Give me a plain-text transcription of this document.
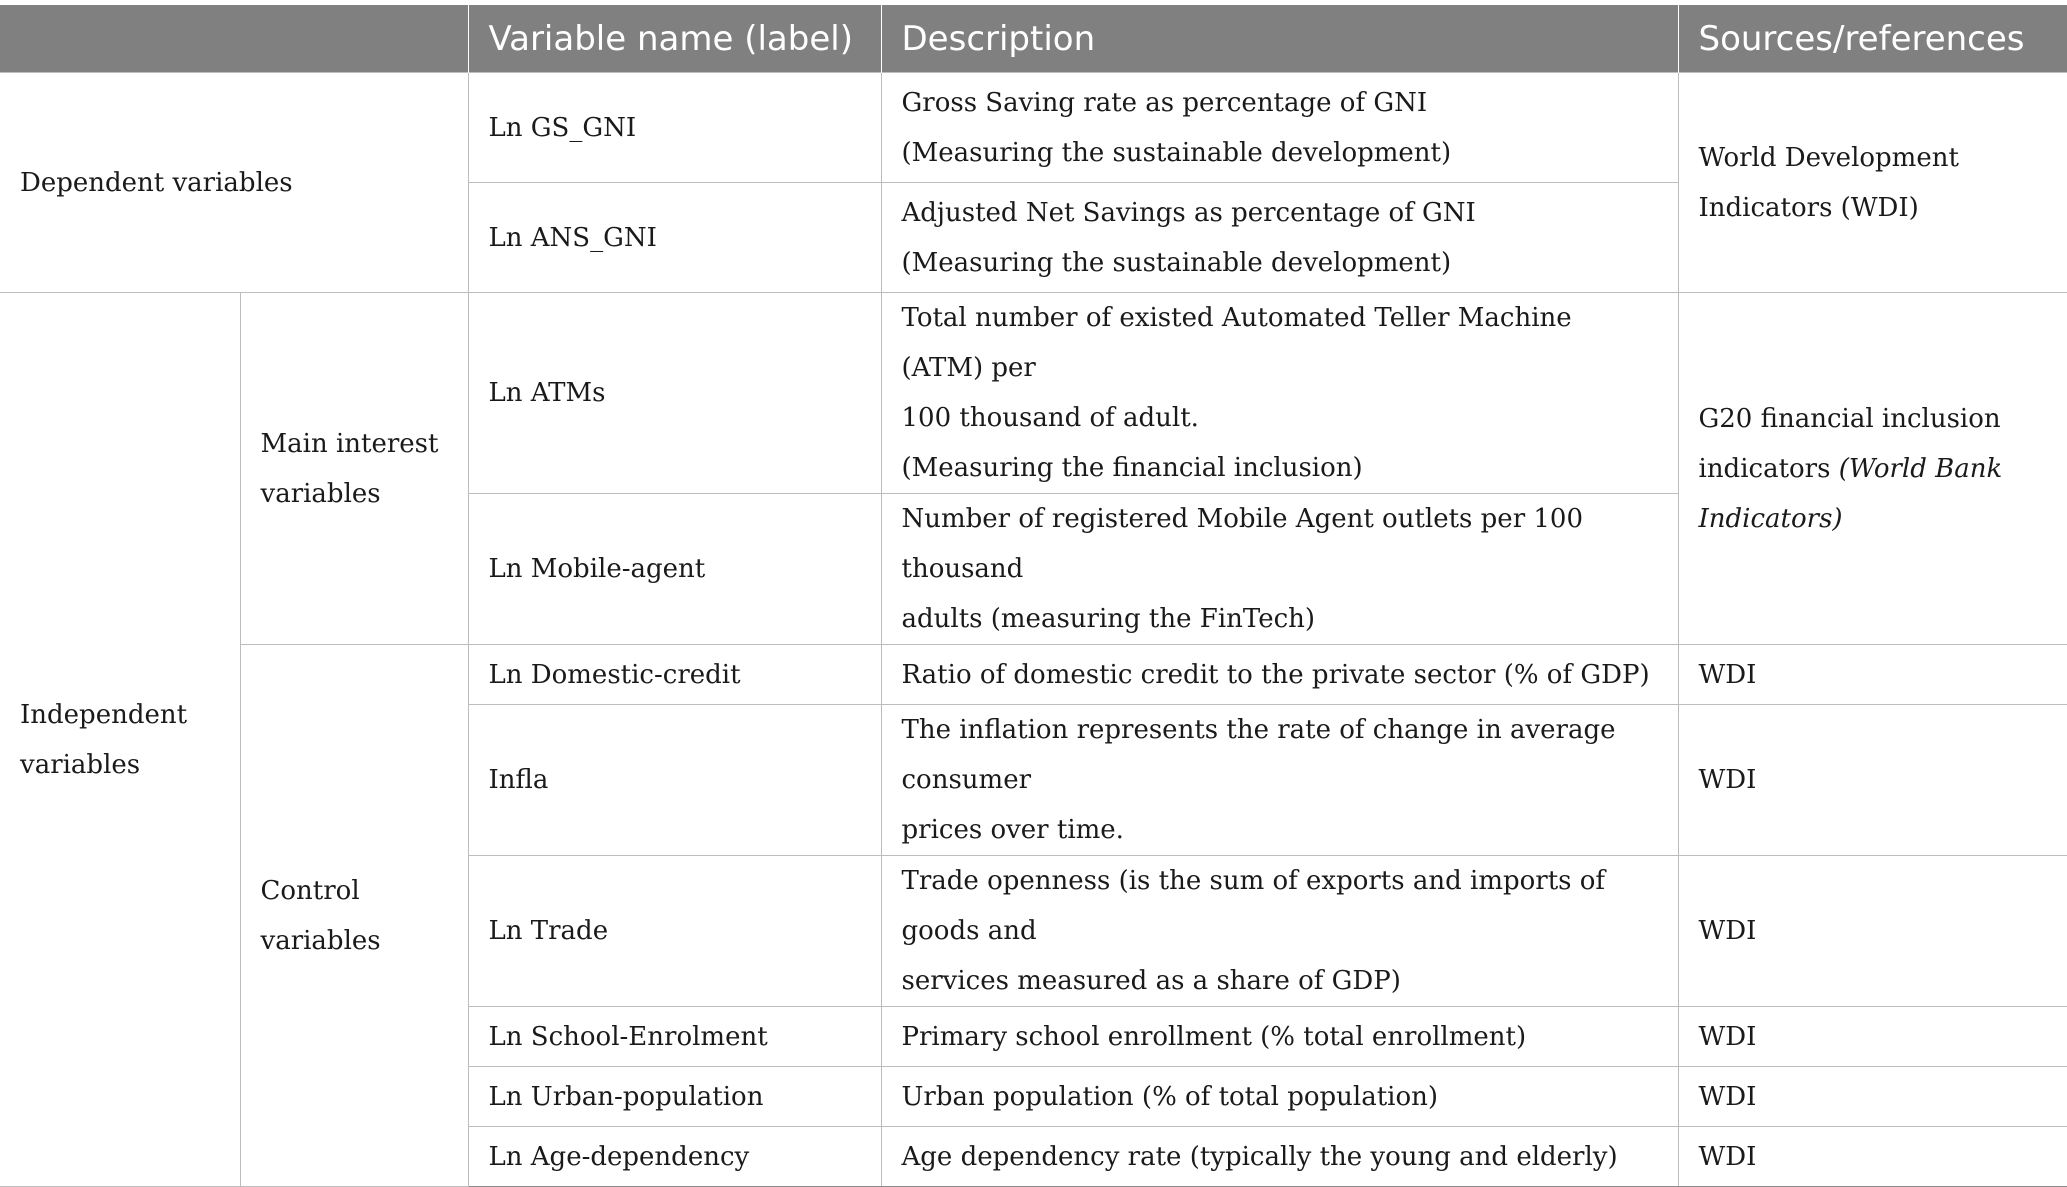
		Variable name (label)	Description	Sources/references
Dependent variables		Ln GS_GNI	Gross Saving rate as percentage of GNI
(Measuring the sustainable development)	World Development Indicators (WDI)
		Ln ANS_GNI	Adjusted Net Savings as percentage of GNI
(Measuring the sustainable development)	
Independent variables	Main interest variables	Ln ATMs	Total number of existed Automated Teller Machine (ATM) per
100 thousand of adult.
(Measuring the financial inclusion)	G20 financial inclusion indicators (World Bank Indicators)
		Ln Mobile-agent	Number of registered Mobile Agent outlets per 100 thousand
adults (measuring the FinTech)	
	Control variables	Ln Domestic-credit	Ratio of domestic credit to the private sector (% of GDP)	WDI
		Infla	The inflation represents the rate of change in average consumer
prices over time.	WDI
		Ln Trade	Trade openness (is the sum of exports and imports of goods and
services measured as a share of GDP)	WDI
		Ln School-Enrolment	Primary school enrollment (% total enrollment)	WDI
		Ln Urban-population	Urban population (% of total population)	WDI
		Ln Age-dependency	Age dependency rate (typically the young and elderly)	WDI
